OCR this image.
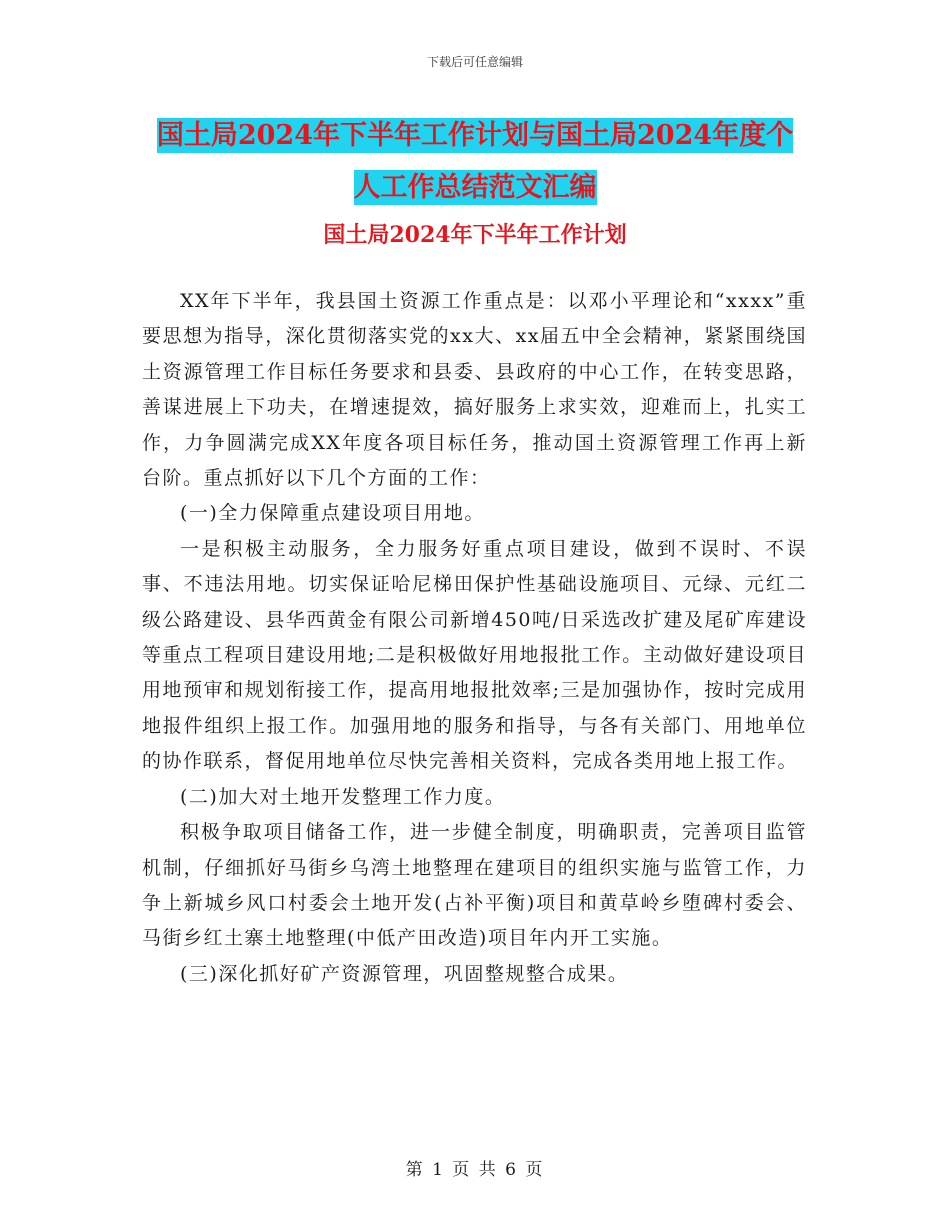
下载后可任意编辑
国土局2024年下半年工作计划与国土局2024年度个
人工作总结范文汇编
国土局2024年下半年工作计划

XX年下半年，我县国土资源工作重点是：以邓小平理论和“xxxx”重要思想为指导，深化贯彻落实党的xx大、xx届五中全会精神，紧紧围绕国土资源管理工作目标任务要求和县委、县政府的中心工作，在转变思路，善谋进展上下功夫，在增速提效，搞好服务上求实效，迎难而上，扎实工作，力争圆满完成XX年度各项目标任务，推动国土资源管理工作再上新台阶。重点抓好以下几个方面的工作：

(一)全力保障重点建设项目用地。

一是积极主动服务，全力服务好重点项目建设，做到不误时、不误事、不违法用地。切实保证哈尼梯田保护性基础设施项目、元绿、元红二级公路建设、县华西黄金有限公司新增450吨/日采选改扩建及尾矿库建设等重点工程项目建设用地;二是积极做好用地报批工作。主动做好建设项目用地预审和规划衔接工作，提高用地报批效率;三是加强协作，按时完成用地报件组织上报工作。加强用地的服务和指导，与各有关部门、用地单位的协作联系，督促用地单位尽快完善相关资料，完成各类用地上报工作。

(二)加大对土地开发整理工作力度。

积极争取项目储备工作，进一步健全制度，明确职责，完善项目监管机制，仔细抓好马街乡乌湾土地整理在建项目的组织实施与监管工作，力争上新城乡风口村委会土地开发(占补平衡)项目和黄草岭乡堕碑村委会、马街乡红土寨土地整理(中低产田改造)项目年内开工实施。

(三)深化抓好矿产资源管理，巩固整规整合成果。

第 1 页 共 6 页
